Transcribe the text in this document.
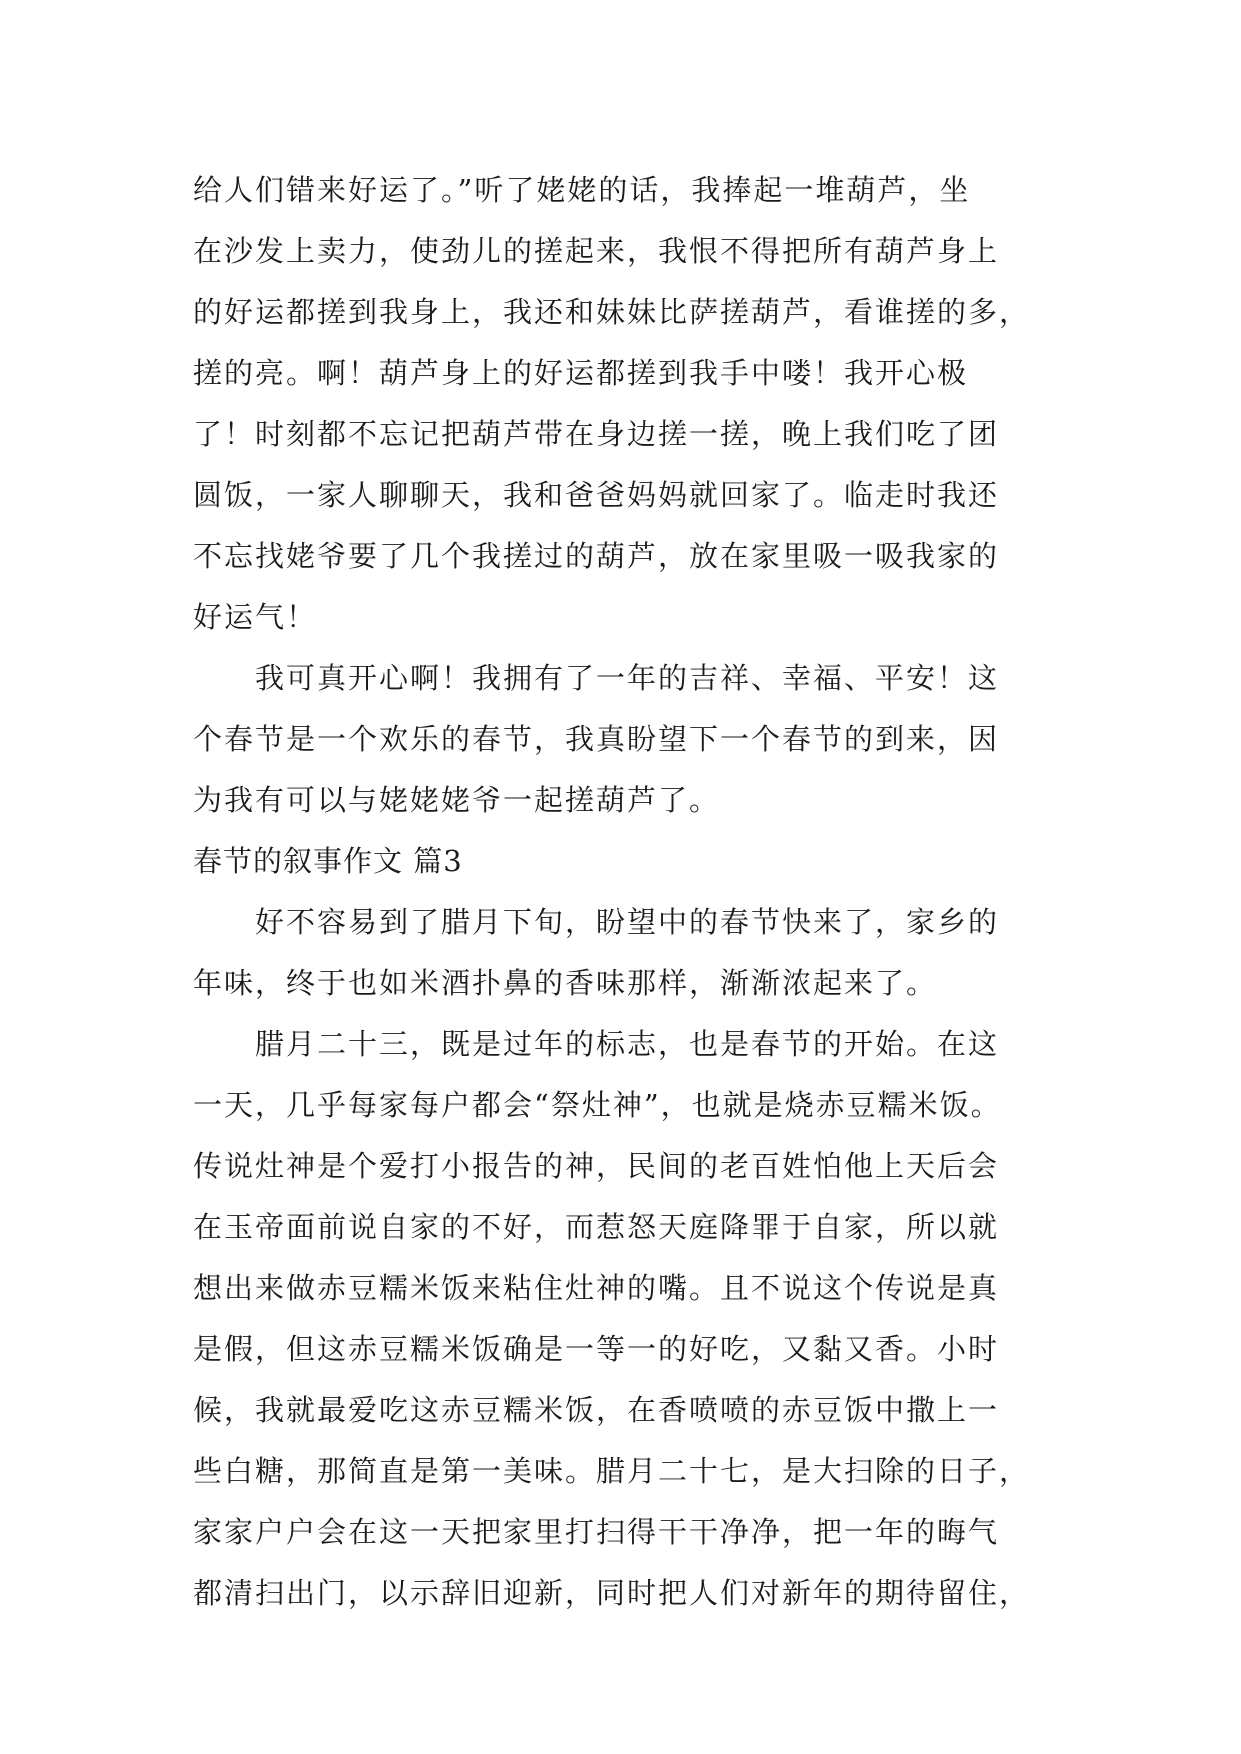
给人们错来好运了。”听了姥姥的话，我捧起一堆葫芦，坐
在沙发上卖力，使劲儿的搓起来，我恨不得把所有葫芦身上
的好运都搓到我身上，我还和妹妹比萨搓葫芦，看谁搓的多，
搓的亮。啊！葫芦身上的好运都搓到我手中喽！我开心极
了！时刻都不忘记把葫芦带在身边搓一搓，晚上我们吃了团
圆饭，一家人聊聊天，我和爸爸妈妈就回家了。临走时我还
不忘找姥爷要了几个我搓过的葫芦，放在家里吸一吸我家的
好运气！
我可真开心啊！我拥有了一年的吉祥、幸福、平安！这
个春节是一个欢乐的春节，我真盼望下一个春节的到来，因
为我有可以与姥姥姥爷一起搓葫芦了。
春节的叙事作文 篇3
好不容易到了腊月下旬，盼望中的春节快来了，家乡的
年味，终于也如米酒扑鼻的香味那样，渐渐浓起来了。
腊月二十三，既是过年的标志，也是春节的开始。在这
一天，几乎每家每户都会“祭灶神”，也就是烧赤豆糯米饭。
传说灶神是个爱打小报告的神，民间的老百姓怕他上天后会
在玉帝面前说自家的不好，而惹怒天庭降罪于自家，所以就
想出来做赤豆糯米饭来粘住灶神的嘴。且不说这个传说是真
是假，但这赤豆糯米饭确是一等一的好吃，又黏又香。小时
候，我就最爱吃这赤豆糯米饭，在香喷喷的赤豆饭中撒上一
些白糖，那简直是第一美味。腊月二十七，是大扫除的日子，
家家户户会在这一天把家里打扫得干干净净，把一年的晦气
都清扫出门，以示辞旧迎新，同时把人们对新年的期待留住，
